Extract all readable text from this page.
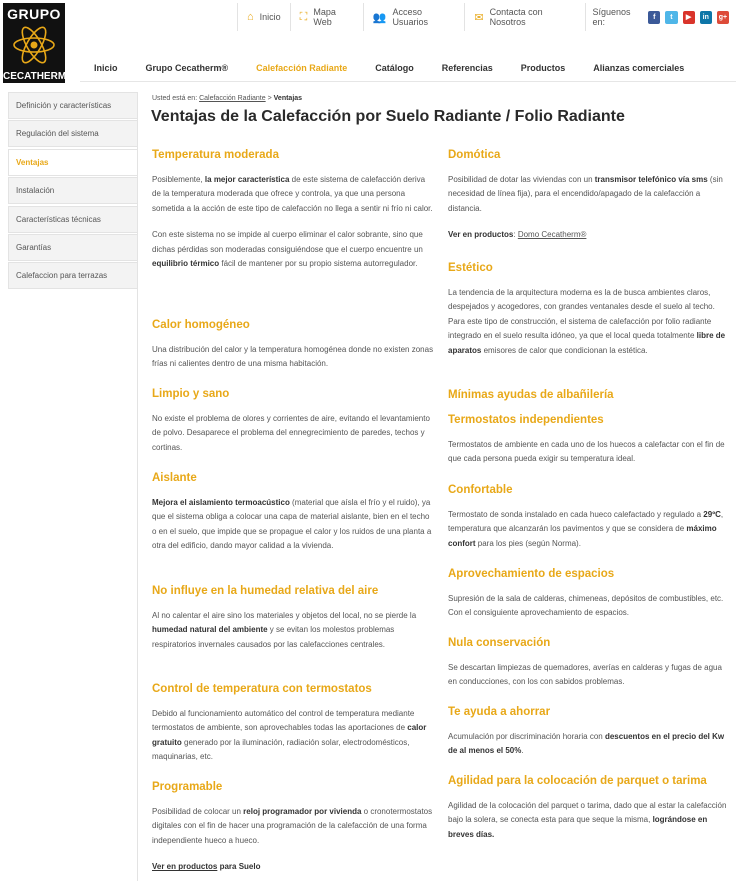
GRUPO
CECATHERM
⌂ Inicio ⛶ Mapa Web	👥 Acceso Usuarios	✉ Contacta con Nosotros
Síguenos en:	f	t	▶	in	g+
Inicio	Grupo Cecatherm®	Calefacción Radiante	Catálogo	Referencias	Productos	Alianzas comerciales
Definición y características
Regulación del sistema
Ventajas
Instalación
Características técnicas
Garantías
Calefaccion para terrazas
Usted está en: Calefacción Radiante > Ventajas
Ventajas de la Calefacción por Suelo Radiante / Folio Radiante
Temperatura moderada

Posiblemente, la mejor característica de este sistema de calefacción deriva de la temperatura moderada que ofrece y controla, ya que una persona sometida a la acción de este tipo de calefacción no llega a sentir ni frío ni calor.

Con este sistema no se impide al cuerpo eliminar el calor sobrante, sino que dichas pérdidas son moderadas consiguiéndose que el cuerpo encuentre un equilibrio térmico fácil de mantener por su propio sistema autorregulador.

Calor homogéneo

Una distribución del calor y la temperatura homogénea donde no existen zonas frías ni calientes dentro de una misma habitación.

Limpio y sano

No existe el problema de olores y corrientes de aire, evitando el levantamiento de polvo. Desaparece el problema del ennegrecimiento de paredes, techos y cortinas.

Aislante

Mejora el aislamiento termoacústico (material que aísla el frío y el ruido), ya que el sistema obliga a colocar una capa de material aislante, bien en el techo o en el suelo, que impide que se propague el calor y los ruidos de una planta a otra del edificio, dando mayor calidad a la vivienda.

No influye en la humedad relativa del aire

Al no calentar el aire sino los materiales y objetos del local, no se pierde la humedad natural del ambiente y se evitan los molestos problemas respiratorios invernales causados por las calefacciones centrales.

Control de temperatura con termostatos

Debido al funcionamiento automático del control de temperatura mediante termostatos de ambiente, son aprovechables todas las aportaciones de calor gratuito generado por la iluminación, radiación solar, electrodomésticos, maquinarias, etc.

Programable

Posibilidad de colocar un reloj programador por vivienda o cronotermostatos digitales con el fin de hacer una programación de la calefacción de una forma independiente hueco a hueco.

Ver en productos para Suelo

Domótica

Posibilidad de dotar las viviendas con un transmisor telefónico vía sms (sin necesidad de línea fija), para el encendido/apagado de la calefacción a distancia.

Ver en productos: Domo Cecatherm®

Estético

La tendencia de la arquitectura moderna es la de busca ambientes claros, despejados y acogedores, con grandes ventanales desde el suelo al techo. Para este tipo de construcción, el sistema de calefacción por folio radiante integrado en el suelo resulta idóneo, ya que el local queda totalmente libre de aparatos emisores de calor que condicionan la estética.

Mínimas ayudas de albañilería
Termostatos independientes

Termostatos de ambiente en cada uno de los huecos a calefactar con el fin de que cada persona pueda exigir su temperatura ideal.

Confortable

Termostato de sonda instalado en cada hueco calefactado y regulado a 29ºC, temperatura que alcanzarán los pavimentos y que se considera de máximo confort para los pies (según Norma).

Aprovechamiento de espacios

Supresión de la sala de calderas, chimeneas, depósitos de combustibles, etc. Con el consiguiente aprovechamiento de espacios.

Nula conservación

Se descartan limpiezas de quemadores, averías en calderas y fugas de agua en conducciones, con los con sabidos problemas.

Te ayuda a ahorrar

Acumulación por discriminación horaria con descuentos en el precio del Kw de al menos el 50%.

Agilidad para la colocación de parquet o tarima

Agilidad de la colocación del parquet o tarima, dado que al estar la calefacción bajo la solera, se conecta esta para que seque la misma, lográndose en breves días.
